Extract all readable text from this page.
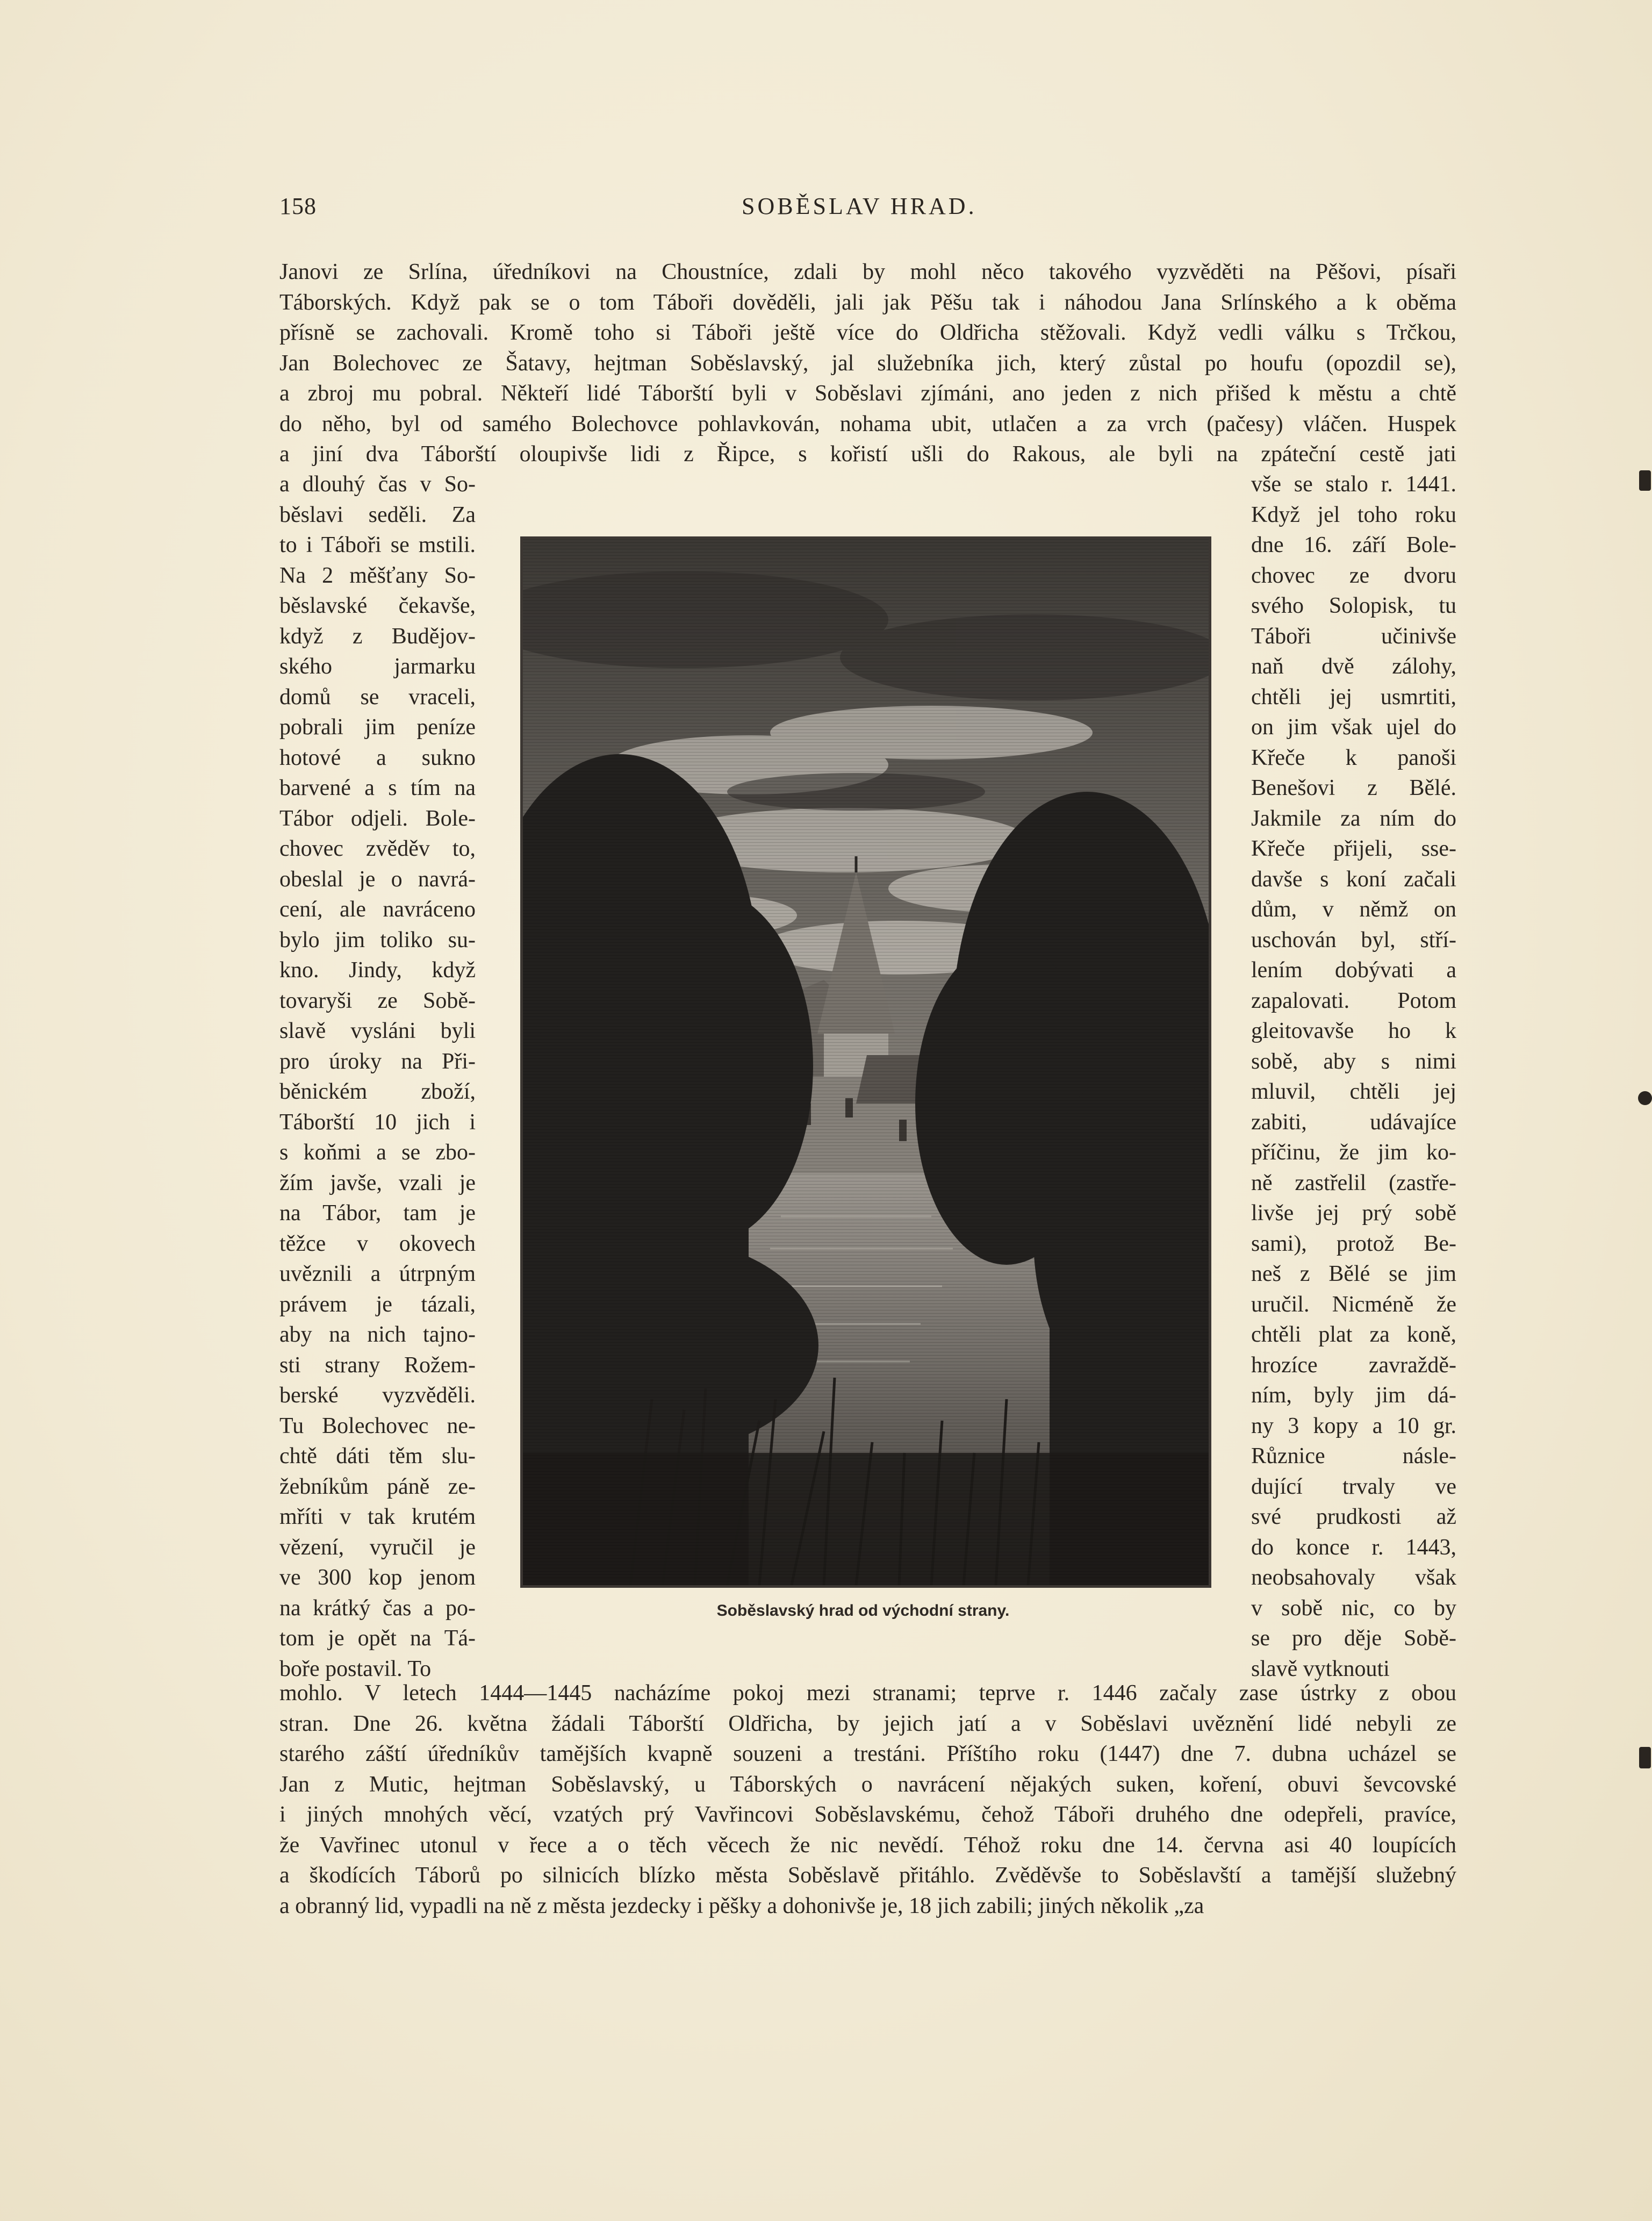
158	SOBĚSLAV HRAD.
Janovi ze Srlína, úředníkovi na Choustníce, zdali by mohl něco takového vyzvěděti na Pěšovi, písaři
Táborských. Když pak se o tom Táboři dověděli, jali jak Pěšu tak i náhodou Jana Srlínského a k oběma
přísně se zachovali. Kromě toho si Táboři ještě více do Oldřicha stěžovali. Když vedli válku s Trčkou,
Jan Bolechovec ze Šatavy, hejtman Soběslavský, jal služebníka jich, který zůstal po houfu (opozdil se),
a zbroj mu pobral. Někteří lidé Táborští byli v Soběslavi zjímáni, ano jeden z nich přišed k městu a chtě
do něho, byl od samého Bolechovce pohlavkován, nohama ubit, utlačen a za vrch (pačesy) vláčen. Huspek
a jiní dva Táborští oloupivše lidi z Řipce, s kořistí ušli do Rakous, ale byli na zpáteční cestě jati
a dlouhý čas v So-
běslavi seděli. Za
to i Táboři se mstili.
Na 2 měšťany So-
běslavské čekavše,
když z Budějov-
ského jarmarku
domů se vraceli,
pobrali jim peníze
hotové a sukno
barvené a s tím na
Tábor odjeli. Bole-
chovec zvěděv to,
obeslal je o navrá-
cení, ale navráceno
bylo jim toliko su-
kno. Jindy, když
tovaryši ze Sobě-
slavě vysláni byli
pro úroky na Při-
běnickém zboží,
Táborští 10 jich i
s koňmi a se zbo-
žím javše, vzali je
na Tábor, tam je
těžce v okovech
uvěznili a útrpným
právem je tázali,
aby na nich tajno-
sti strany Rožem-
berské vyzvěděli.
Tu Bolechovec ne-
chtě dáti těm slu-
žebníkům páně ze-
mříti v tak krutém
vězení, vyručil je
ve 300 kop jenom
na krátký čas a po-
tom je opět na Tá-
boře postavil. To
vše se stalo r. 1441.
Když jel toho roku
dne 16. září Bole-
chovec ze dvoru
svého Solopisk, tu
Táboři učinivše
naň dvě zálohy,
chtěli jej usmrtiti,
on jim však ujel do
Křeče k panoši
Benešovi z Bělé.
Jakmile za ním do
Křeče přijeli, sse-
davše s koní začali
dům, v němž on
uschován byl, stří-
lením dobývati a
zapalovati. Potom
gleitovavše ho k
sobě, aby s nimi
mluvil, chtěli jej
zabiti, udávajíce
příčinu, že jim ko-
ně zastřelil (zastře-
livše jej prý sobě
sami), protož Be-
neš z Bělé se jim
uručil. Nicméně že
chtěli plat za koně,
hrozíce zavraždě-
ním, byly jim dá-
ny 3 kopy a 10 gr.
Různice násle-
dující trvaly ve
své prudkosti až
do konce r. 1443,
neobsahovaly však
v sobě nic, co by
se pro děje Sobě-
slavě vytknouti
Soběslavský hrad od východní strany.
mohlo. V letech 1444—1445 nacházíme pokoj mezi stranami; teprve r. 1446 začaly zase ústrky z obou
stran. Dne 26. května žádali Táborští Oldřicha, by jejich jatí a v Soběslavi uvěznění lidé nebyli ze
starého záští úředníkův tamějších kvapně souzeni a trestáni. Příštího roku (1447) dne 7. dubna ucházel se
Jan z Mutic, hejtman Soběslavský, u Táborských o navrácení nějakých suken, koření, obuvi ševcovské
i jiných mnohých věcí, vzatých prý Vavřincovi Soběslavskému, čehož Táboři druhého dne odepřeli, pravíce,
že Vavřinec utonul v řece a o těch věcech že nic nevědí. Téhož roku dne 14. června asi 40 loupících
a škodících Táborů po silnicích blízko města Soběslavě přitáhlo. Zvěděvše to Soběslavští a tamější služebný
a obranný lid, vypadli na ně z města jezdecky i pěšky a dohonivše je, 18 jich zabili; jiných několik „za
